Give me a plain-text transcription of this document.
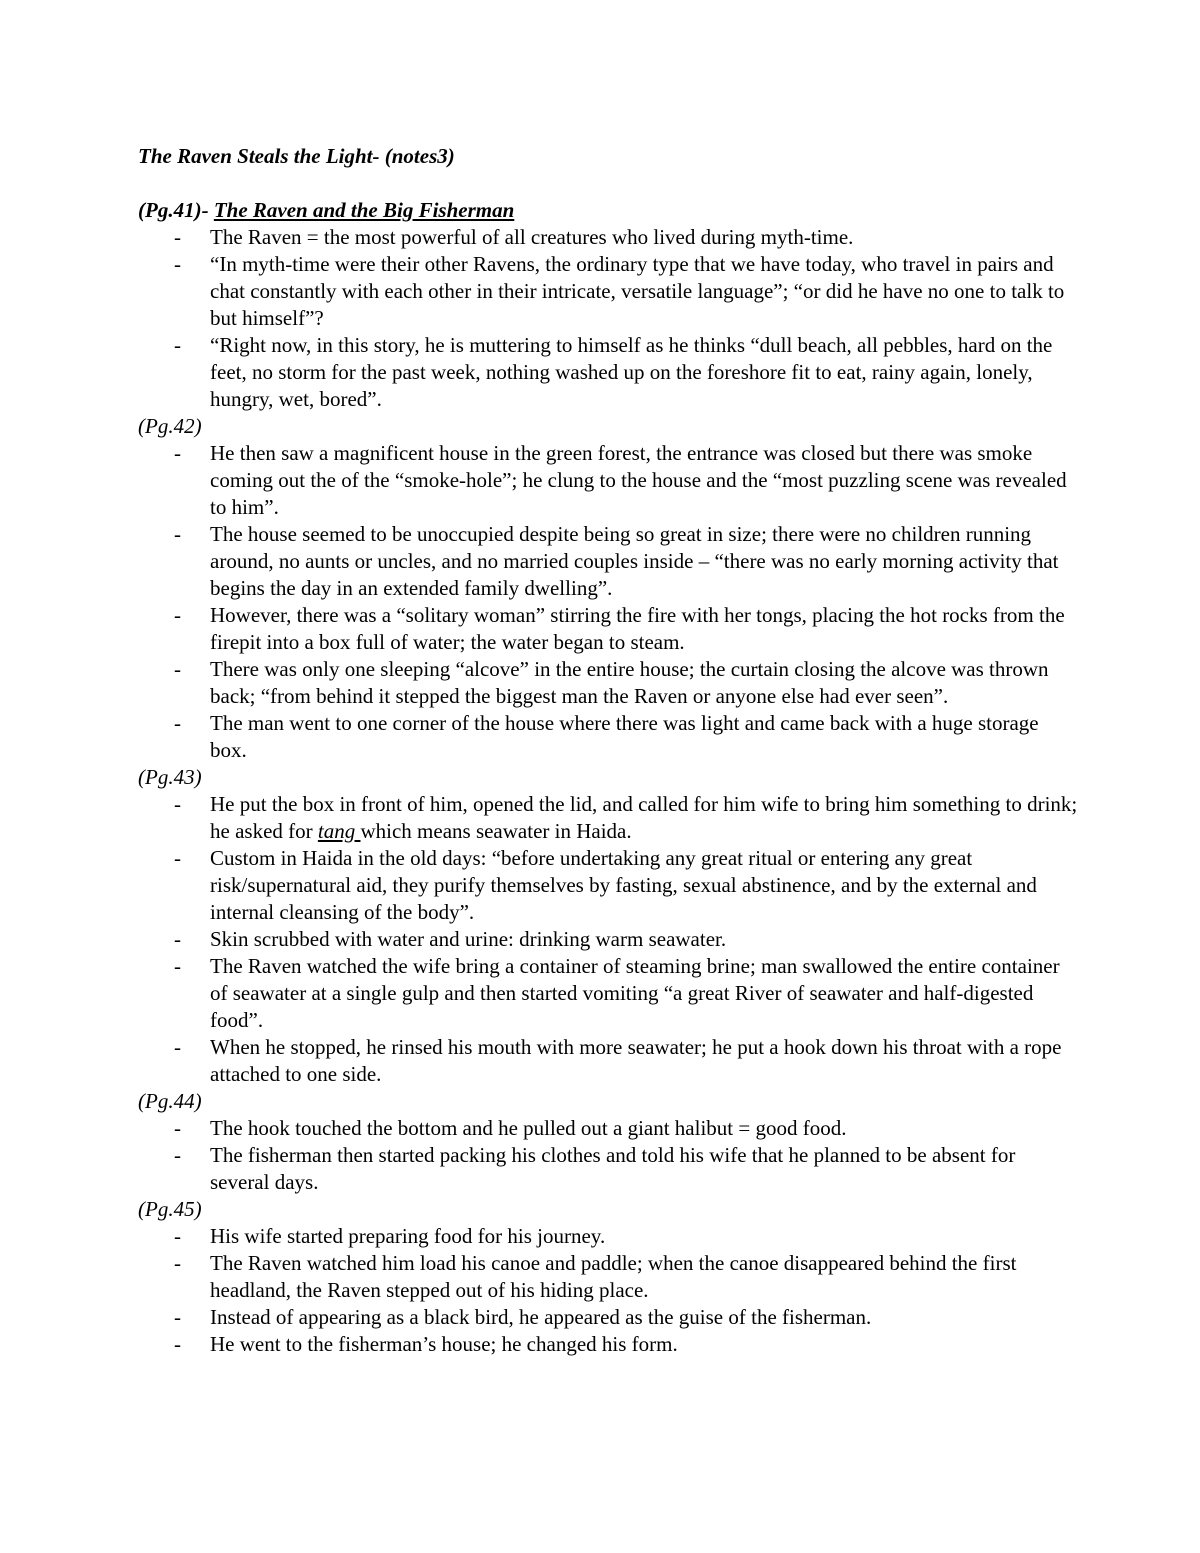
The Raven Steals the Light- (notes3)
(Pg.41)- The Raven and the Big Fisherman
- The Raven = the most powerful of all creatures who lived during myth-time.
- “In myth-time were their other Ravens, the ordinary type that we have today, who travel in pairs and chat constantly with each other in their intricate, versatile language”; “or did he have no one to talk to but himself”?
- “Right now, in this story, he is muttering to himself as he thinks “dull beach, all pebbles, hard on the feet, no storm for the past week, nothing washed up on the foreshore fit to eat, rainy again, lonely, hungry, wet, bored”.
(Pg.42)
- He then saw a magnificent house in the green forest, the entrance was closed but there was smoke coming out the of the “smoke-hole”; he clung to the house and the “most puzzling scene was revealed to him”.
- The house seemed to be unoccupied despite being so great in size; there were no children running around, no aunts or uncles, and no married couples inside – “there was no early morning activity that begins the day in an extended family dwelling”.
- However, there was a “solitary woman” stirring the fire with her tongs, placing the hot rocks from the firepit into a box full of water; the water began to steam.
- There was only one sleeping “alcove” in the entire house; the curtain closing the alcove was thrown back; “from behind it stepped the biggest man the Raven or anyone else had ever seen”.
- The man went to one corner of the house where there was light and came back with a huge storage box.
(Pg.43)
- He put the box in front of him, opened the lid, and called for him wife to bring him something to drink; he asked for tang which means seawater in Haida.
- Custom in Haida in the old days: “before undertaking any great ritual or entering any great risk/supernatural aid, they purify themselves by fasting, sexual abstinence, and by the external and internal cleansing of the body”.
- Skin scrubbed with water and urine: drinking warm seawater.
- The Raven watched the wife bring a container of steaming brine; man swallowed the entire container of seawater at a single gulp and then started vomiting “a great River of seawater and half-digested food”.
- When he stopped, he rinsed his mouth with more seawater; he put a hook down his throat with a rope attached to one side.
(Pg.44)
- The hook touched the bottom and he pulled out a giant halibut = good food.
- The fisherman then started packing his clothes and told his wife that he planned to be absent for several days.
(Pg.45)
- His wife started preparing food for his journey.
- The Raven watched him load his canoe and paddle; when the canoe disappeared behind the first headland, the Raven stepped out of his hiding place.
- Instead of appearing as a black bird, he appeared as the guise of the fisherman.
- He went to the fisherman’s house; he changed his form.
